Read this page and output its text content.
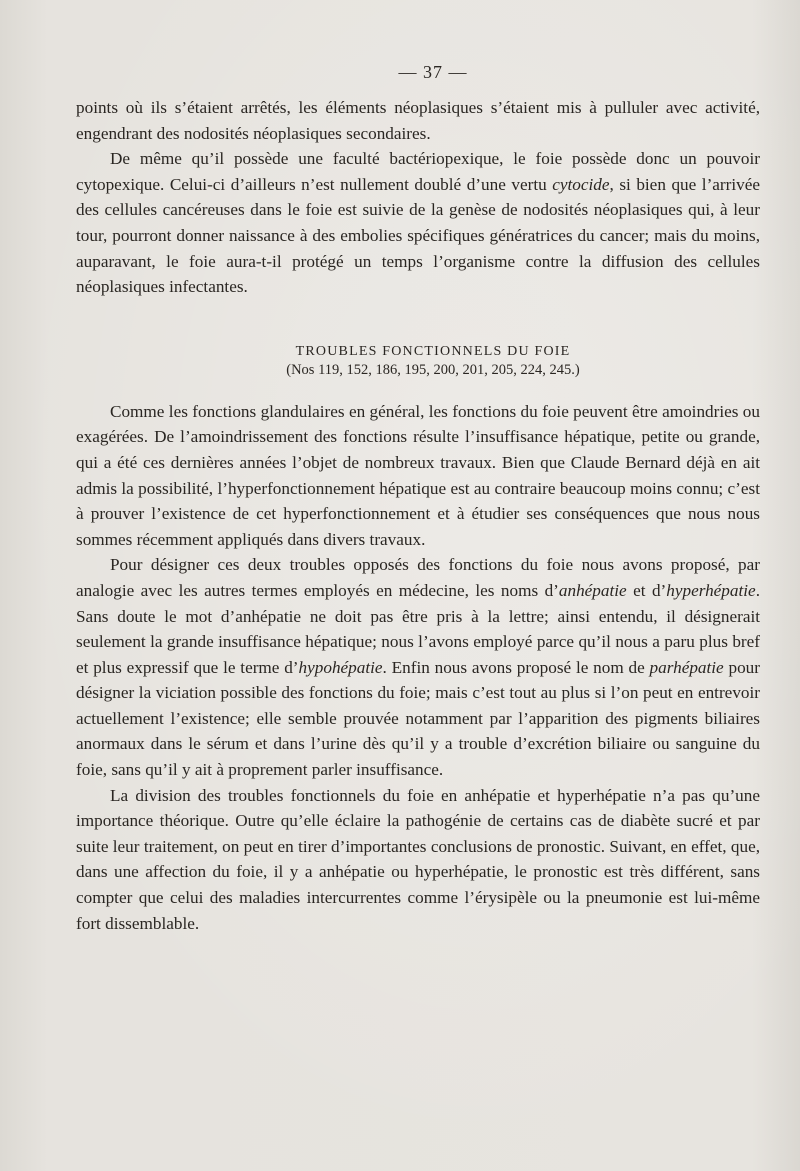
— 37 —

points où ils s’étaient arrêtés, les éléments néoplasiques s’étaient mis à pulluler avec activité, engendrant des nodosités néoplasiques secondaires.

De même qu’il possède une faculté bactériopexique, le foie possède donc un pouvoir cytopexique. Celui-ci d’ailleurs n’est nullement doublé d’une vertu cytocide, si bien que l’arrivée des cellules cancéreuses dans le foie est suivie de la genèse de nodosités néoplasiques qui, à leur tour, pourront donner naissance à des embolies spécifiques génératrices du cancer; mais du moins, auparavant, le foie aura-t-il protégé un temps l’organisme contre la diffusion des cellules néoplasiques infectantes.

TROUBLES FONCTIONNELS DU FOIE
(Nos 119, 152, 186, 195, 200, 201, 205, 224, 245.)

Comme les fonctions glandulaires en général, les fonctions du foie peuvent être amoindries ou exagérées. De l’amoindrissement des fonctions résulte l’insuffisance hépatique, petite ou grande, qui a été ces dernières années l’objet de nombreux travaux. Bien que Claude Bernard déjà en ait admis la possibilité, l’hyperfonctionnement hépatique est au contraire beaucoup moins connu; c’est à prouver l’existence de cet hyperfonctionnement et à étudier ses conséquences que nous nous sommes récemment appliqués dans divers travaux.

Pour désigner ces deux troubles opposés des fonctions du foie nous avons proposé, par analogie avec les autres termes employés en médecine, les noms d’anhépatie et d’hyperhépatie. Sans doute le mot d’anhépatie ne doit pas être pris à la lettre; ainsi entendu, il désignerait seulement la grande insuffisance hépatique; nous l’avons employé parce qu’il nous a paru plus bref et plus expressif que le terme d’hypohépatie. Enfin nous avons proposé le nom de parhépatie pour désigner la viciation possible des fonctions du foie; mais c’est tout au plus si l’on peut en entrevoir actuellement l’existence; elle semble prouvée notamment par l’apparition des pigments biliaires anormaux dans le sérum et dans l’urine dès qu’il y a trouble d’excrétion biliaire ou sanguine du foie, sans qu’il y ait à proprement parler insuffisance.

La division des troubles fonctionnels du foie en anhépatie et hyperhépatie n’a pas qu’une importance théorique. Outre qu’elle éclaire la pathogénie de certains cas de diabète sucré et par suite leur traitement, on peut en tirer d’importantes conclusions de pronostic. Suivant, en effet, que, dans une affection du foie, il y a anhépatie ou hyperhépatie, le pronostic est très différent, sans compter que celui des maladies intercurrentes comme l’érysipèle ou la pneumonie est lui-même fort dissemblable.
